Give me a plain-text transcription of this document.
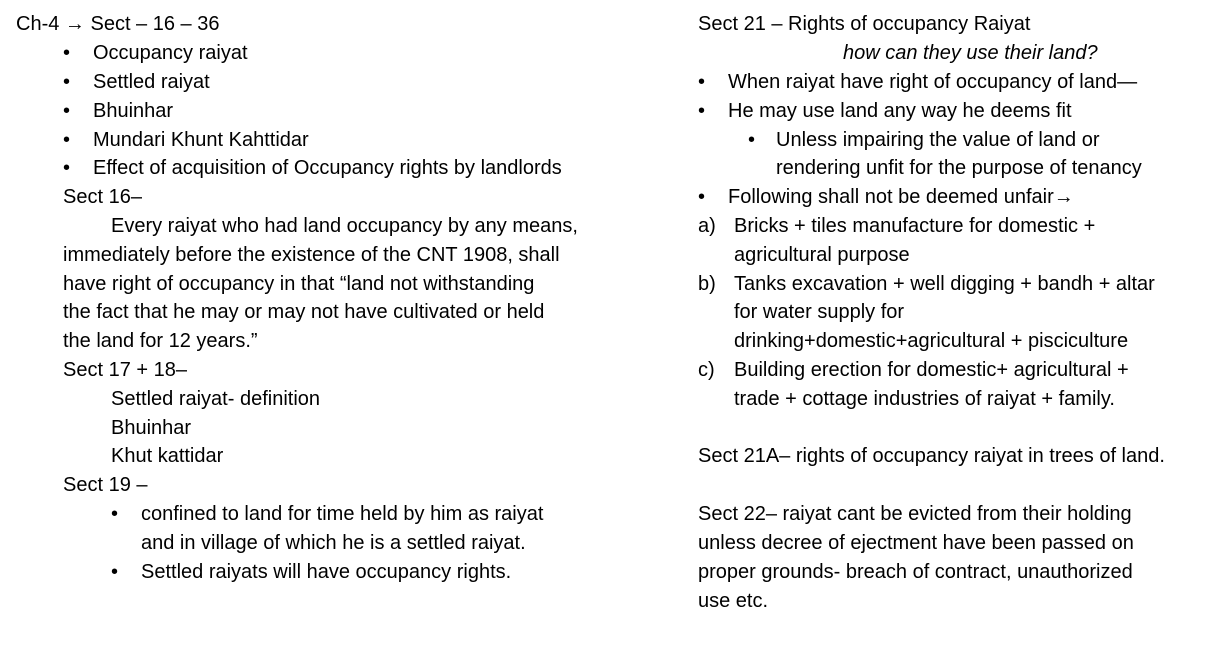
Ch-4 → Sect – 16 – 36
• Occupancy raiyat
• Settled raiyat
• Bhuinhar
• Mundari Khunt Kahttidar
• Effect of acquisition of Occupancy rights by landlords
Sect 16–
Every raiyat who had land occupancy by any means,
immediately before the existence of the CNT 1908, shall
have right of occupancy in that “land not withstanding
the fact that he may or may not have cultivated or held
the land for 12 years.”
Sect 17 + 18–
Settled raiyat- definition
Bhuinhar
Khut kattidar
Sect 19 –
• confined to land for time held by him as raiyat
and in village of which he is a settled raiyat.
• Settled raiyats will have occupancy rights.
Sect 21 – Rights of occupancy Raiyat
how can they use their land?
• When raiyat have right of occupancy of land—
• He may use land any way he deems fit
• Unless impairing the value of land or
rendering unfit for the purpose of tenancy
• Following shall not be deemed unfair→
a) Bricks + tiles manufacture for domestic +
agricultural purpose
b) Tanks excavation + well digging + bandh + altar
for water supply for
drinking+domestic+agricultural + pisciculture
c) Building erection for domestic+ agricultural +
trade + cottage industries of raiyat + family.
Sect 21A– rights of occupancy raiyat in trees of land.
Sect 22– raiyat cant be evicted from their holding
unless decree of ejectment have been passed on
proper grounds- breach of contract, unauthorized
use etc.
